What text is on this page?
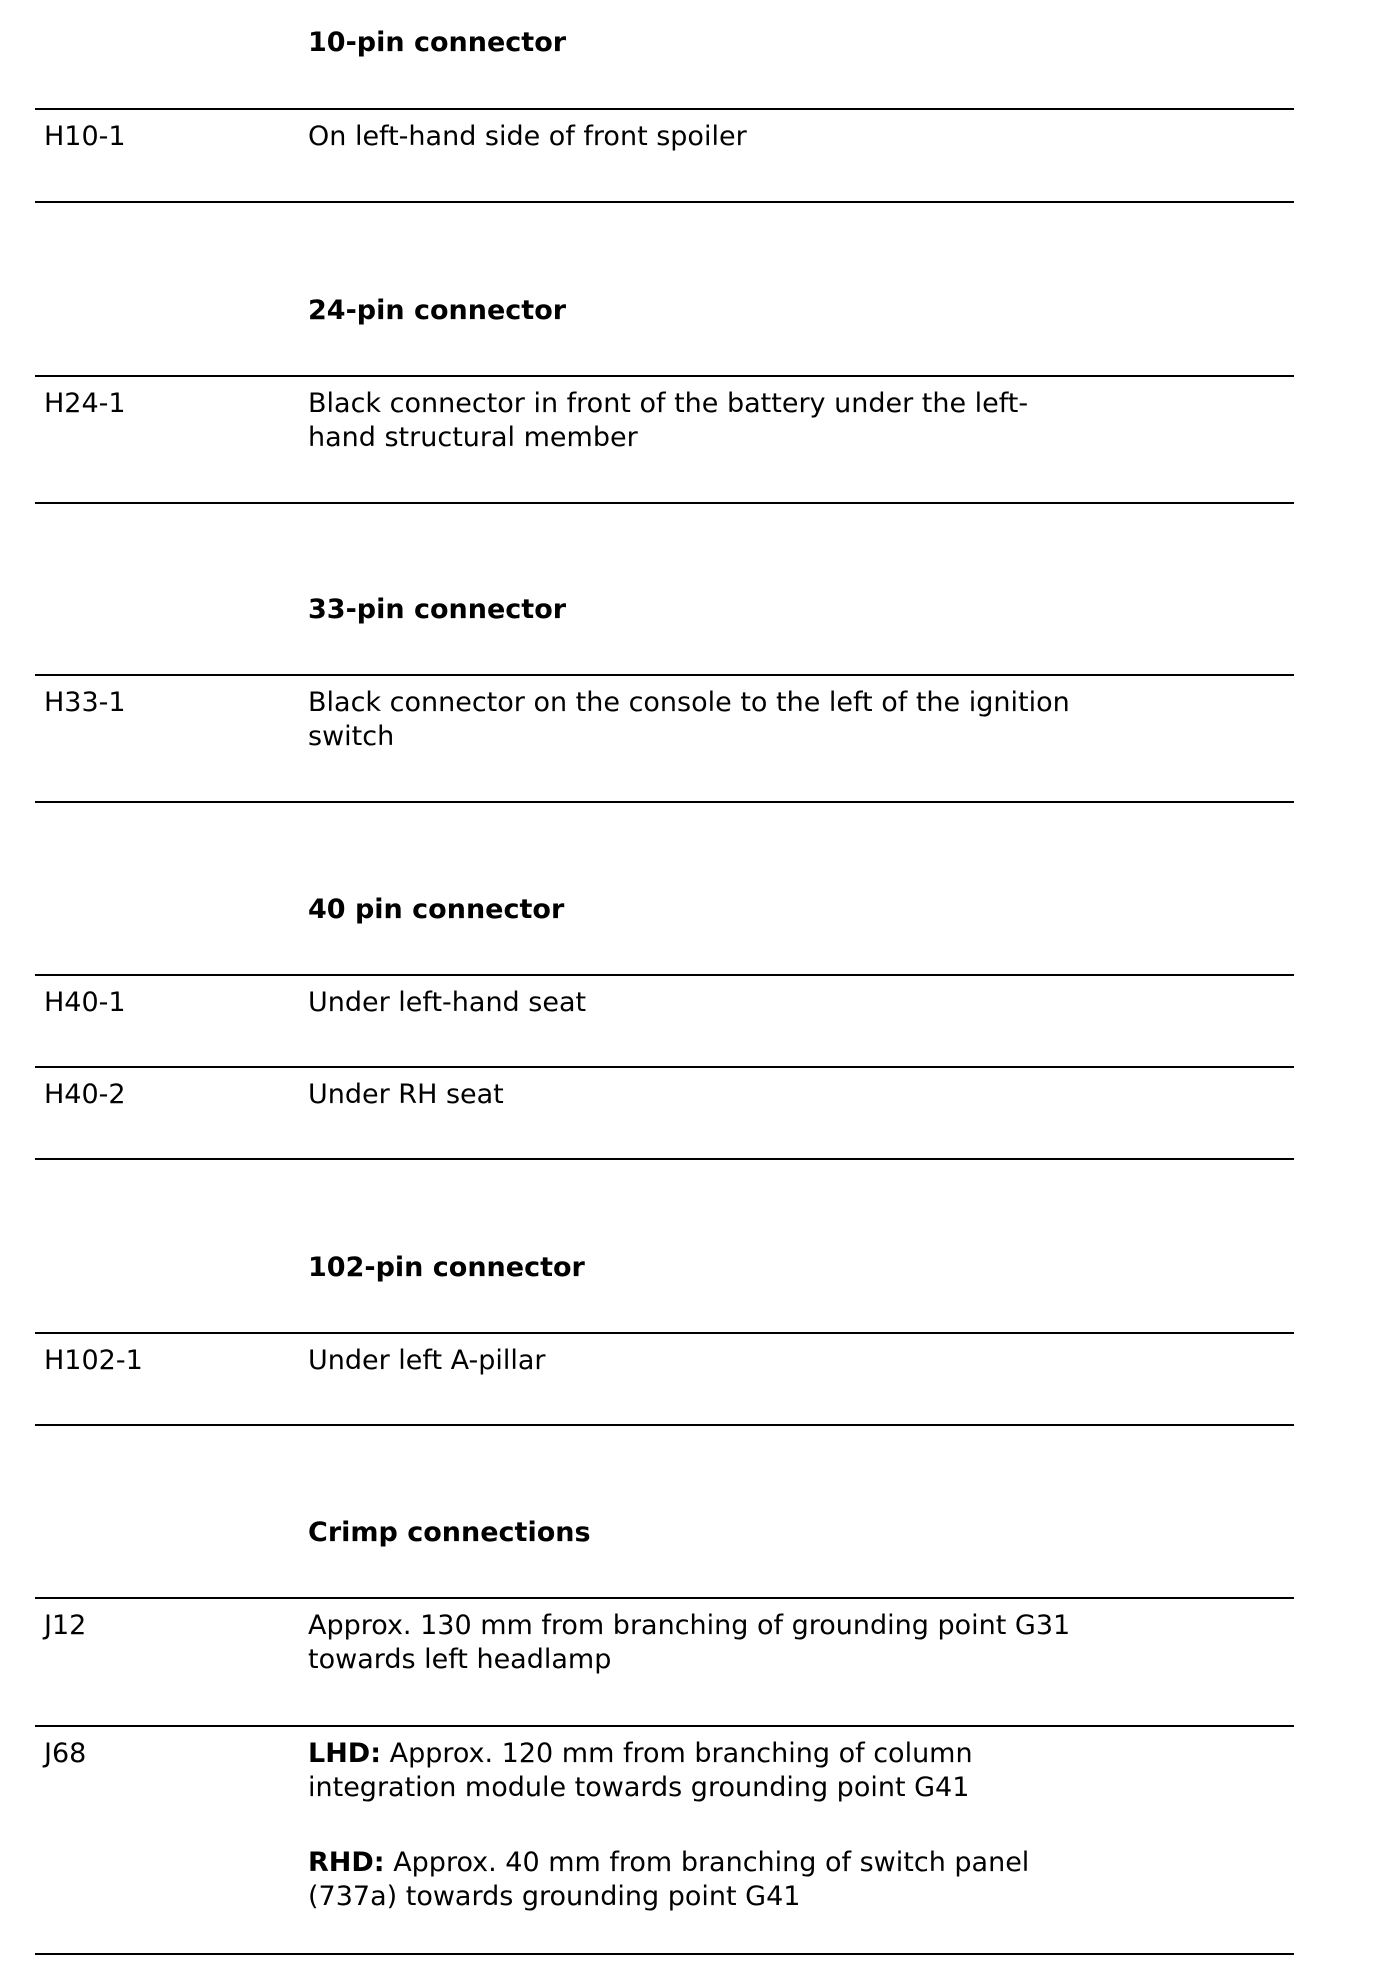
10-pin connector
H10-1	On left-hand side of front spoiler
24-pin connector
H24-1	Black connector in front of the battery under the left-
hand structural member
33-pin connector
H33-1	Black connector on the console to the left of the ignition
switch
40 pin connector
H40-1	Under left-hand seat
H40-2	Under RH seat
102-pin connector
H102-1	Under left A-pillar
Crimp connections
J12	Approx. 130 mm from branching of grounding point G31
towards left headlamp
J68	LHD: Approx. 120 mm from branching of column
integration module towards grounding point G41
RHD: Approx. 40 mm from branching of switch panel
(737a) towards grounding point G41
